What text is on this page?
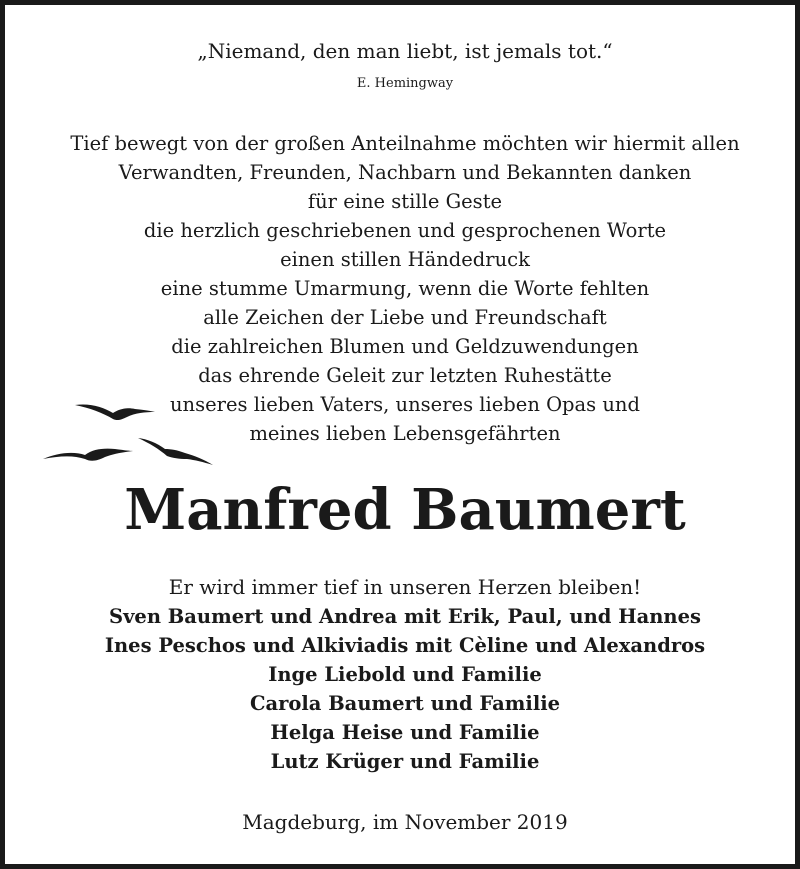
„Niemand, den man liebt, ist jemals tot.“
E. Hemingway
Tief bewegt von der großen Anteilnahme möchten wir hiermit allen
Verwandten, Freunden, Nachbarn und Bekannten danken
für eine stille Geste
die herzlich geschriebenen und gesprochenen Worte
einen stillen Händedruck
eine stumme Umarmung, wenn die Worte fehlten
alle Zeichen der Liebe und Freundschaft
die zahlreichen Blumen und Geldzuwendungen
das ehrende Geleit zur letzten Ruhestätte
unseres lieben Vaters, unseres lieben Opas und
meines lieben Lebensgefährten
Manfred Baumert
Er wird immer tief in unseren Herzen bleiben!
Sven Baumert und Andrea mit Erik, Paul, und Hannes
Ines Peschos und Alkiviadis mit Cèline und Alexandros
Inge Liebold und Familie
Carola Baumert und Familie
Helga Heise und Familie
Lutz Krüger und Familie
Magdeburg, im November 2019
